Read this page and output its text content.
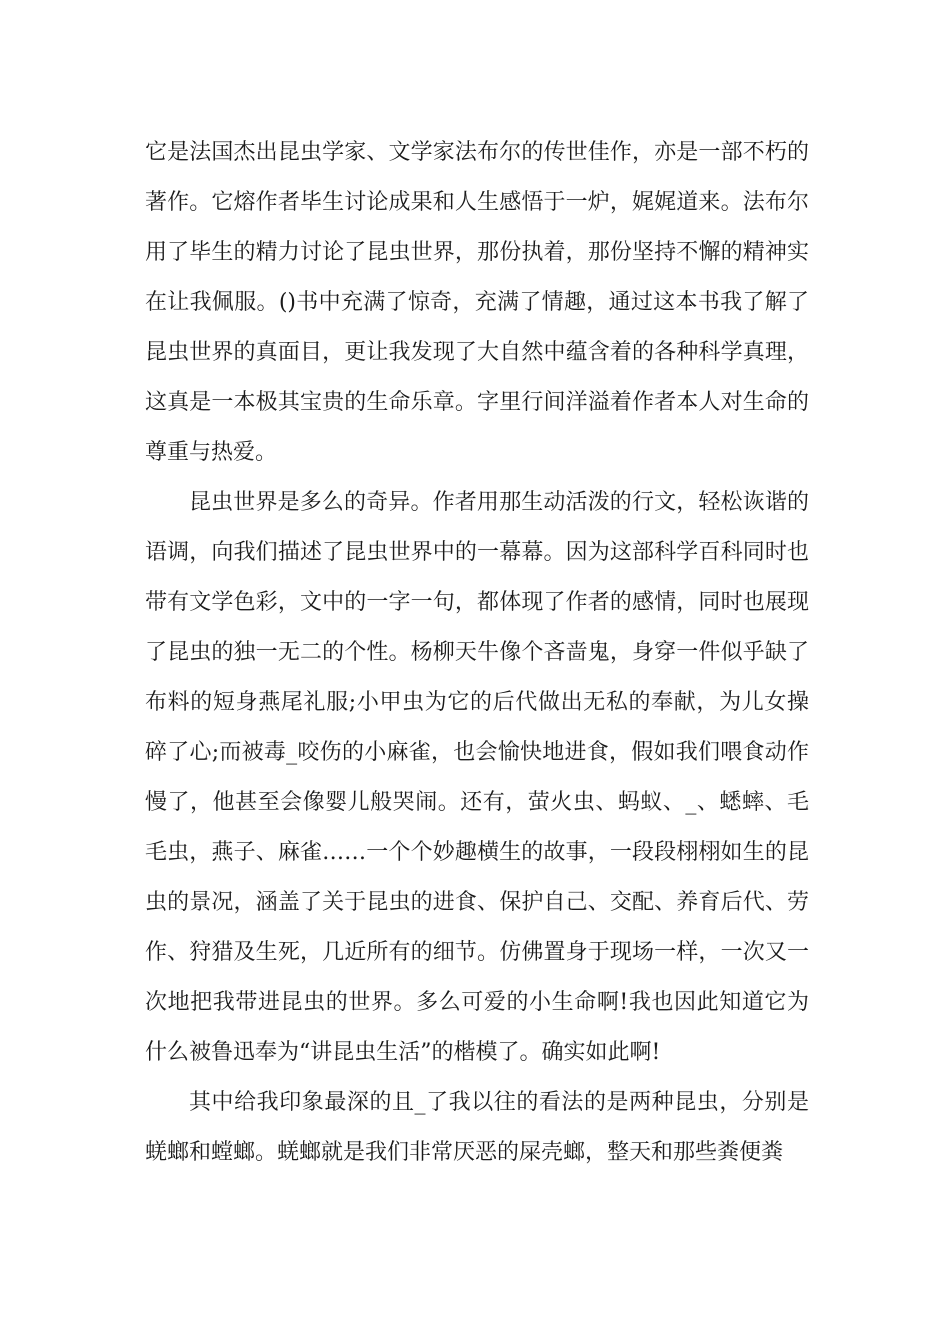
它是法国杰出昆虫学家、文学家法布尔的传世佳作，亦是一部不朽的著作。它熔作者毕生讨论成果和人生感悟于一炉，娓娓道来。法布尔用了毕生的精力讨论了昆虫世界，那份执着，那份坚持不懈的精神实在让我佩服。()书中充满了惊奇，充满了情趣，通过这本书我了解了昆虫世界的真面目，更让我发现了大自然中蕴含着的各种科学真理，这真是一本极其宝贵的生命乐章。字里行间洋溢着作者本人对生命的尊重与热爱。

昆虫世界是多么的奇异。作者用那生动活泼的行文，轻松诙谐的语调，向我们描述了昆虫世界中的一幕幕。因为这部科学百科同时也带有文学色彩，文中的一字一句，都体现了作者的感情，同时也展现了昆虫的独一无二的个性。杨柳天牛像个吝啬鬼，身穿一件似乎缺了布料的短身燕尾礼服;小甲虫为它的后代做出无私的奉献，为儿女操碎了心;而被毒_咬伤的小麻雀，也会愉快地进食，假如我们喂食动作慢了，他甚至会像婴儿般哭闹。还有，萤火虫、蚂蚁、_、蟋蟀、毛毛虫，燕子、麻雀……一个个妙趣横生的故事，一段段栩栩如生的昆虫的景况，涵盖了关于昆虫的进食、保护自己、交配、养育后代、劳作、狩猎及生死，几近所有的细节。仿佛置身于现场一样，一次又一次地把我带进昆虫的世界。多么可爱的小生命啊!我也因此知道它为什么被鲁迅奉为“讲昆虫生活”的楷模了。确实如此啊!

其中给我印象最深的且_了我以往的看法的是两种昆虫，分别是蜣螂和螳螂。蜣螂就是我们非常厌恶的屎壳螂，整天和那些粪便粪
